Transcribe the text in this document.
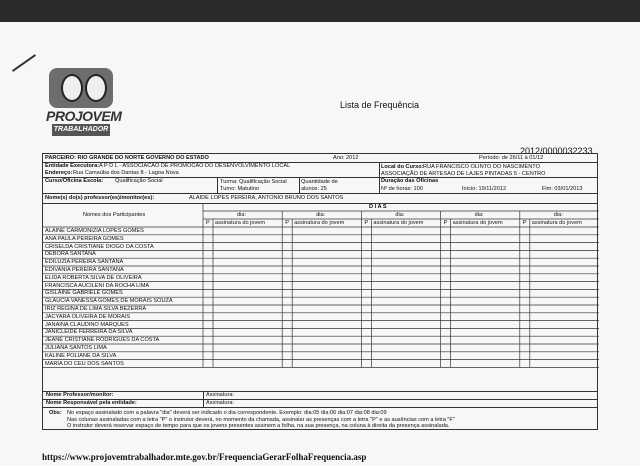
PROJOVEM
TRABALHADOR
Lista de Frequência
2012/0000032233
PARCEIRO: RIO GRANDE DO NORTE GOVERNO DO ESTADO	Ano: 2012	Período: de 26/11 à 01/12
Entidade Executora: A P D L - ASSOCIACAO DE PROMOCAO DO DESENVOLVIMENTO LOCAL
Endereço: Rua Camaúba dos Dantas 8 - Lagoa Nova
Local do Curso: RUA FRANCISCO OLINTO DO NASCIMENTO
ASSOCIAÇÃO DE ARTESAO DE LAJES PINTADAS 5 - CENTRO
Curso/Oficina Escola: Qualificação Social	Turma: Qualificação Social
Turno: Matutino
Quantidade de
alunos: 25
Duração das Oficinas
Nº de horas: 100	Início: 19/11/2012	Fim: 03/01/2013
Nome(s) do(s) professor(es)/monitor(es):	ALAIDE LOPES PEREIRA, ANTONIO BRUNO DOS SANTOS
D I A S
Nomes dos Participantes	dia:
P assinatura do jovem
dia:
P assinatura do jovem
dia:
P assinatura do jovem
dia:
P assinatura do jovem
dia:
P assinatura do jovem
ALAINE CARMONIZIA LOPES GOMES
ANA PAULA PEREIRA GOMES
CRISELDA CRISTIANE DIOGO DA COSTA
DEBORA SANTANA
EDILUZIA PEREIRA SANTANA
EDIVANIA PEREIRA SANTANA
ELIDA ROBERTA SILVA DE OLIVEIRA
FRANCISCA AUCILENI DA ROCHA LIMA
GISLAINE GABRIELE GOMES
GLAUCIA VANESSA GOMES DE MORAIS SOUZA
IRIZ REGINA DE LIMA SILVA BEZERRA
JACYARA OLIVEIRA DE MORAIS
JANAINA CLAUDINO MARQUES
JANICLEIDE FERREIRA DA SILVA
JEANE CRISTIANE RODRIGUES DA COSTA
JULIANA SANTOS LIMA
KALINE POLIANE DA SILVA
MARIA DO CEU DOS SANTOS
Nome Professor/monitor:
Nome Responsável pela entidade:
Assinatura:
Assinatura:
Obs: No espaço assinalado com a palavra "dia" deverá ser indicado o dia correspondente. Exemplo: dia:05 dia:06 dia:07 dia:08 dia:09
Nas colunas assinaladas com a letra "P" o instrutor deverá, no momento da chamada, assinalar as presenças com a letra "P" e as ausências com a letra "F"
O instrutor deverá reservar espaço de tempo para que os jovens presentes assinem a folha, na sua presença, na coluna à direita da presença assinalada.
https://www.projovemtrabalhador.mte.gov.br/FrequenciaGerarFolhaFrequencia.asp
